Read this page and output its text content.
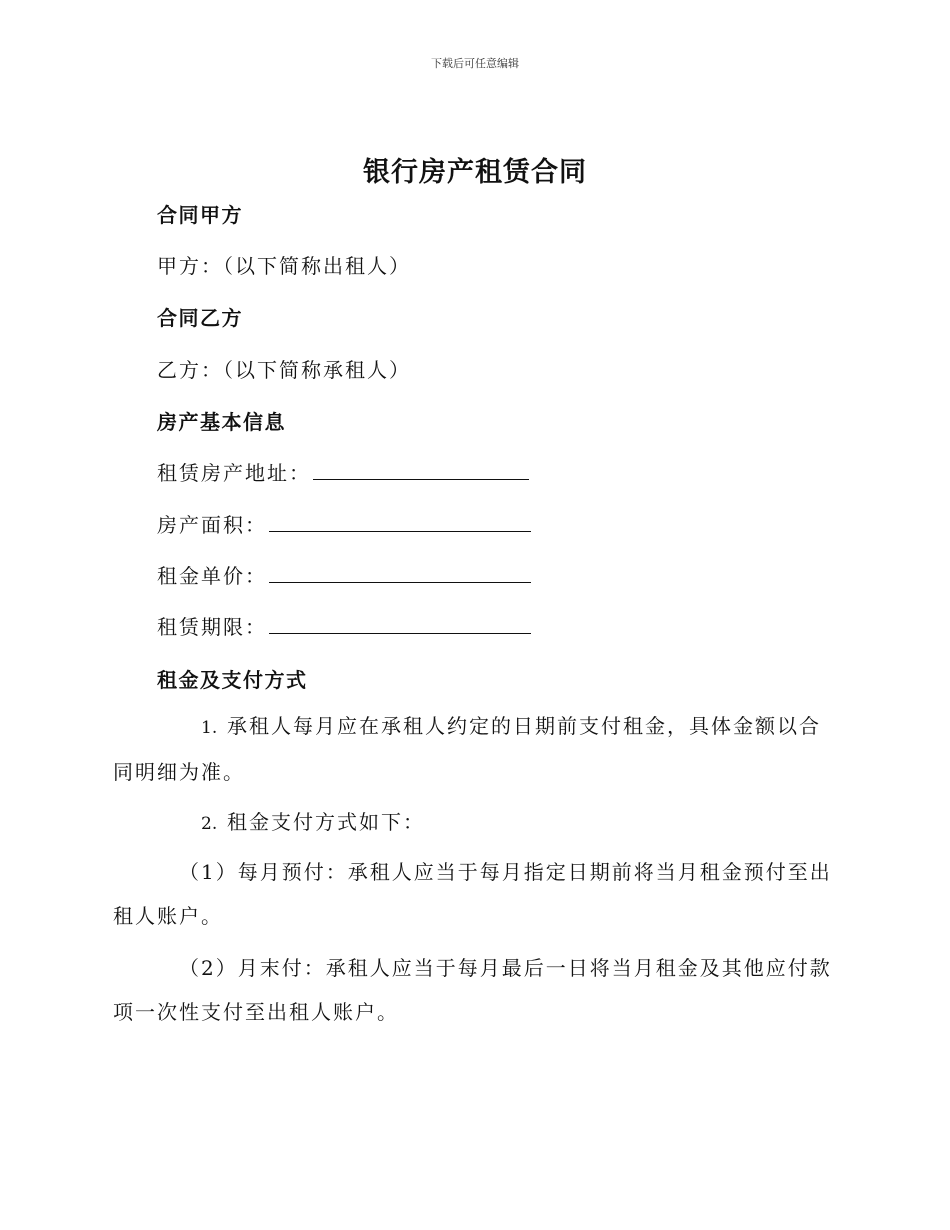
下载后可任意编辑
银行房产租赁合同
合同甲方
甲方：（以下简称出租人）
合同乙方
乙方：（以下简称承租人）
房产基本信息
租赁房产地址：
房产面积：
租金单价：
租赁期限：
租金及支付方式
1. 承租人每月应在承租人约定的日期前支付租金，具体金额以合同明细为准。
2. 租金支付方式如下：
（1）每月预付：承租人应当于每月指定日期前将当月租金预付至出租人账户。
（2）月末付：承租人应当于每月最后一日将当月租金及其他应付款项一次性支付至出租人账户。
